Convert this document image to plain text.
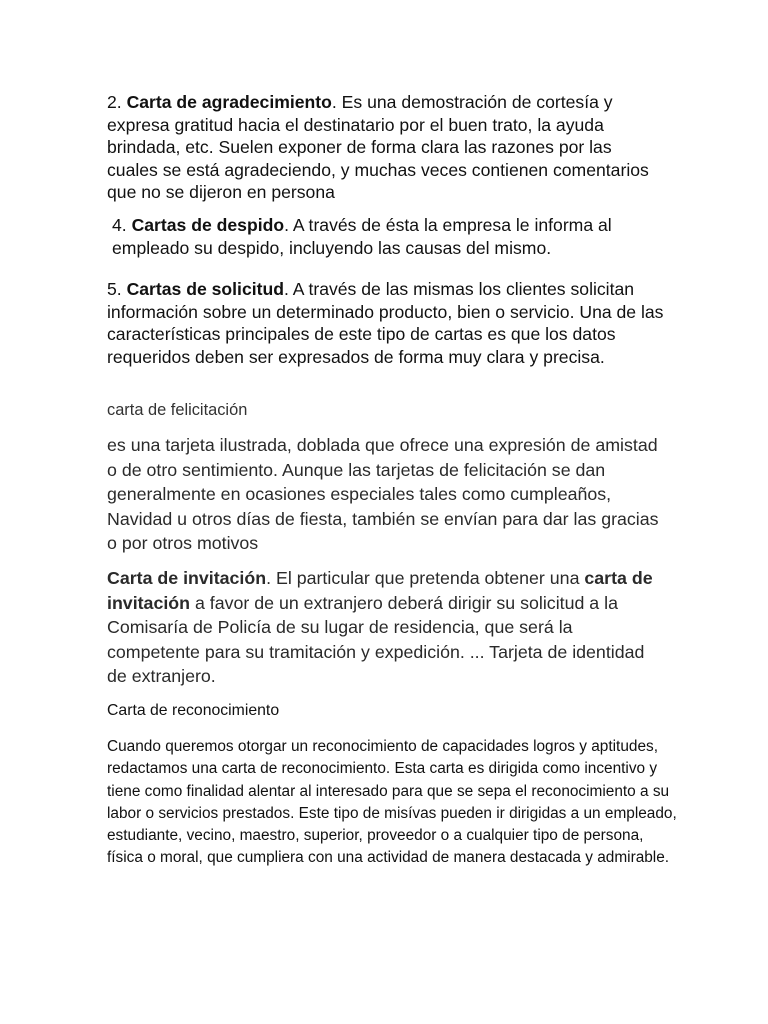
2. Carta de agradecimiento. Es una demostración de cortesía y expresa gratitud hacia el destinatario por el buen trato, la ayuda brindada, etc. Suelen exponer de forma clara las razones por las cuales se está agradeciendo, y muchas veces contienen comentarios que no se dijeron en persona

4. Cartas de despido. A través de ésta la empresa le informa al empleado su despido, incluyendo las causas del mismo.

5. Cartas de solicitud. A través de las mismas los clientes solicitan información sobre un determinado producto, bien o servicio. Una de las características principales de este tipo de cartas es que los datos requeridos deben ser expresados de forma muy clara y precisa.

carta de felicitación

es una tarjeta ilustrada, doblada que ofrece una expresión de amistad o de otro sentimiento. Aunque las tarjetas de felicitación se dan generalmente en ocasiones especiales tales como cumpleaños, Navidad u otros días de fiesta, también se envían para dar las gracias o por otros motivos

Carta de invitación. El particular que pretenda obtener una carta de invitación a favor de un extranjero deberá dirigir su solicitud a la Comisaría de Policía de su lugar de residencia, que será la competente para su tramitación y expedición. ... Tarjeta de identidad de extranjero.

Carta de reconocimiento

Cuando queremos otorgar un reconocimiento de capacidades logros y aptitudes, redactamos una carta de reconocimiento. Esta carta es dirigida como incentivo y tiene como finalidad alentar al interesado para que se sepa el reconocimiento a su labor o servicios prestados. Este tipo de misívas pueden ir dirigidas a un empleado, estudiante, vecino, maestro, superior, proveedor o a cualquier tipo de persona, física o moral, que cumpliera con una actividad de manera destacada y admirable.
